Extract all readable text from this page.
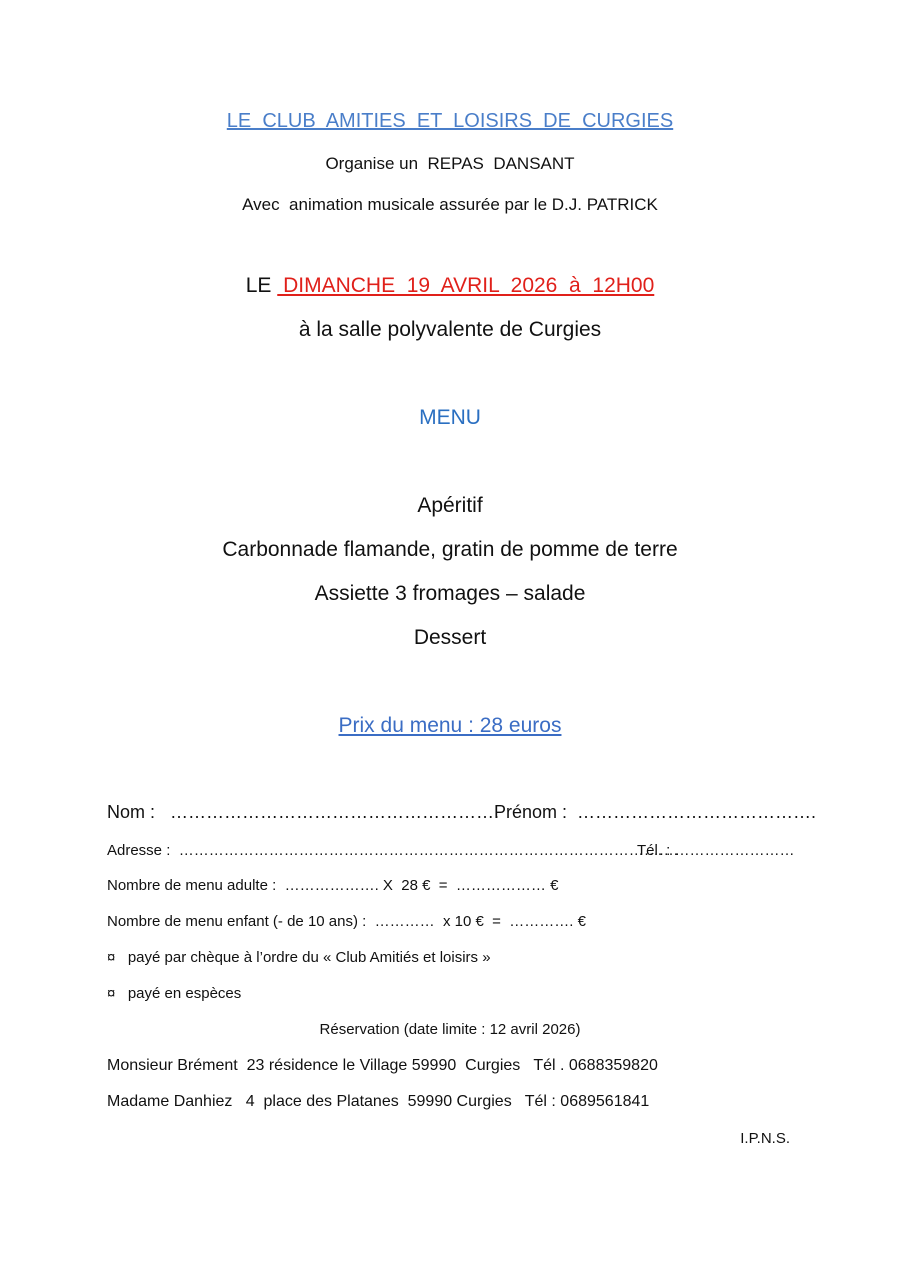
LE  CLUB  AMITIES  ET  LOISIRS  DE  CURGIES
Organise un  REPAS  DANSANT
Avec  animation musicale assurée par le D.J. PATRICK
LE  DIMANCHE  19  AVRIL  2026  à  12H00
à la salle polyvalente de Curgies
MENU
Apéritif
Carbonnade flamande, gratin de pomme de terre
Assiette 3 fromages – salade
Dessert
Prix du menu : 28 euros
Nom :   ……………………………………………….
Prénom :  ………………………………….
Adresse :  ……………………………………………………………………………………….
Tél. : ……………………
Nombre de menu adulte :  ………………. X  28 €  =  ……………… €
Nombre de menu enfant (- de 10 ans) :  …………  x 10 €  =  …………. €
¤   payé par chèque à l’ordre du « Club Amitiés et loisirs »
¤   payé en espèces
Réservation (date limite : 12 avril 2026)
Monsieur Brément  23 résidence le Village 59990  Curgies   Tél . 0688359820
Madame Danhiez   4  place des Platanes  59990 Curgies   Tél : 0689561841
I.P.N.S.
